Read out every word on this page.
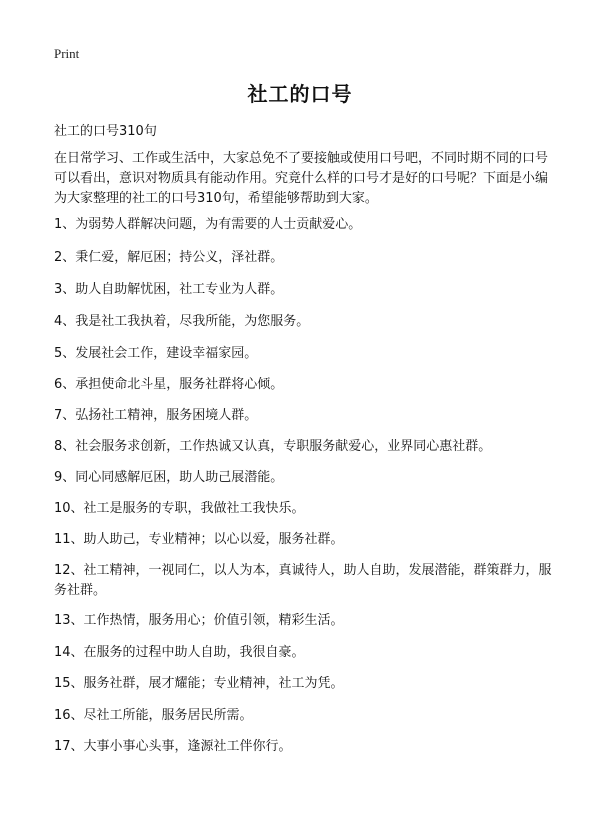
Print
社工的口号
社工的口号310句
在日常学习、工作或生活中，大家总免不了要接触或使用口号吧，不同时期不同的口号可以看出，意识对物质具有能动作用。究竟什么样的口号才是好的口号呢？下面是小编为大家整理的社工的口号310句，希望能够帮助到大家。
1、为弱势人群解决问题，为有需要的人士贡献爱心。
2、秉仁爱，解厄困；持公义，泽社群。
3、助人自助解忧困，社工专业为人群。
4、我是社工我执着，尽我所能，为您服务。
5、发展社会工作，建设幸福家园。
6、承担使命北斗星，服务社群将心倾。
7、弘扬社工精神，服务困境人群。
8、社会服务求创新，工作热诚又认真，专职服务献爱心，业界同心惠社群。
9、同心同感解厄困，助人助己展潜能。
10、社工是服务的专职，我做社工我快乐。
11、助人助己，专业精神；以心以爱，服务社群。
12、社工精神，一视同仁，以人为本，真诚待人，助人自助，发展潜能，群策群力，服务社群。
13、工作热情，服务用心；价值引领，精彩生活。
14、在服务的过程中助人自助，我很自豪。
15、服务社群，展才耀能；专业精神，社工为凭。
16、尽社工所能，服务居民所需。
17、大事小事心头事，逢源社工伴你行。
